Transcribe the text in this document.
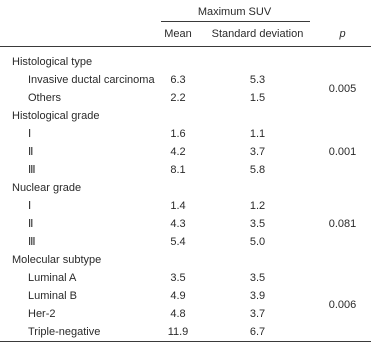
	Maximum SUV	

	Mean	Standard deviation	p

Histological type			
Invasive ductal carcinoma	6.3	5.3	0.005
Others	2.2	1.5	
Histological grade			
Ⅰ	1.6	1.1	0.001
Ⅱ	4.2	3.7	
Ⅲ	8.1	5.8	
Nuclear grade			
Ⅰ	1.4	1.2	0.081
Ⅱ	4.3	3.5	
Ⅲ	5.4	5.0	
Molecular subtype			
Luminal A	3.5	3.5	0.006
Luminal B	4.9	3.9	
Her-2	4.8	3.7	
Triple-negative	11.9	6.7	
